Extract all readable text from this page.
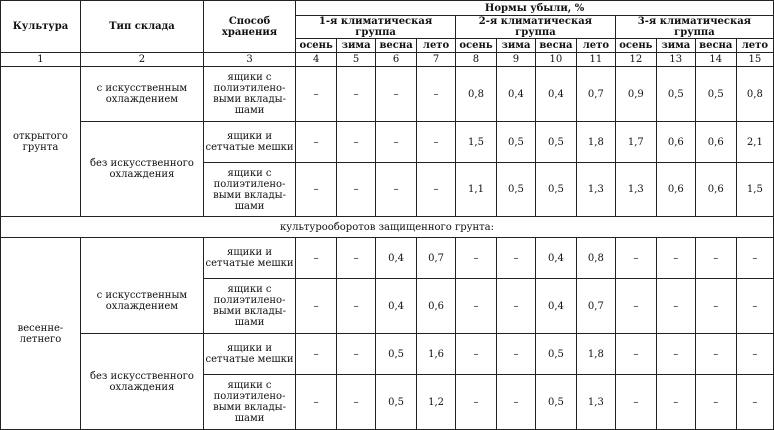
Культура	Тип склада	Способ хранения	Нормы убыли, %											
			1-я климатическая группа				2-я климатическая группа				3-я климатическая группа			
			осень	зима	весна	лето	осень	зима	весна	лето	осень	зима	весна	лето
1	2	3	4	5	6	7	8	9	10	11	12	13	14	15
открытого грунта	с искусственным охлаждением	ящики с полиэтилено-выми вклады-шами	–	–	–	–	0,8	0,4	0,4	0,7	0,9	0,5	0,5	0,8
	без искусственного охлаждения	ящики и сетчатые мешки	–	–	–	–	1,5	0,5	0,5	1,8	1,7	0,6	0,6	2,1
		ящики с полиэтилено-выми вклады-шами	–	–	–	–	1,1	0,5	0,5	1,3	1,3	0,6	0,6	1,5
культурооборотов защищенного грунта:														
весенне-летнего	с искусственным охлаждением	ящики и сетчатые мешки	–	–	0,4	0,7	–	–	0,4	0,8	–	–	–	–
		ящики с полиэтилено-выми вклады-шами	–	–	0,4	0,6	–	–	0,4	0,7	–	–	–	–
	без искусственного охлаждения	ящики и сетчатые мешки	–	–	0,5	1,6	–	–	0,5	1,8	–	–	–	–
		ящики с полиэтилено-выми вклады-шами	–	–	0,5	1,2	–	–	0,5	1,3	–	–	–	–
